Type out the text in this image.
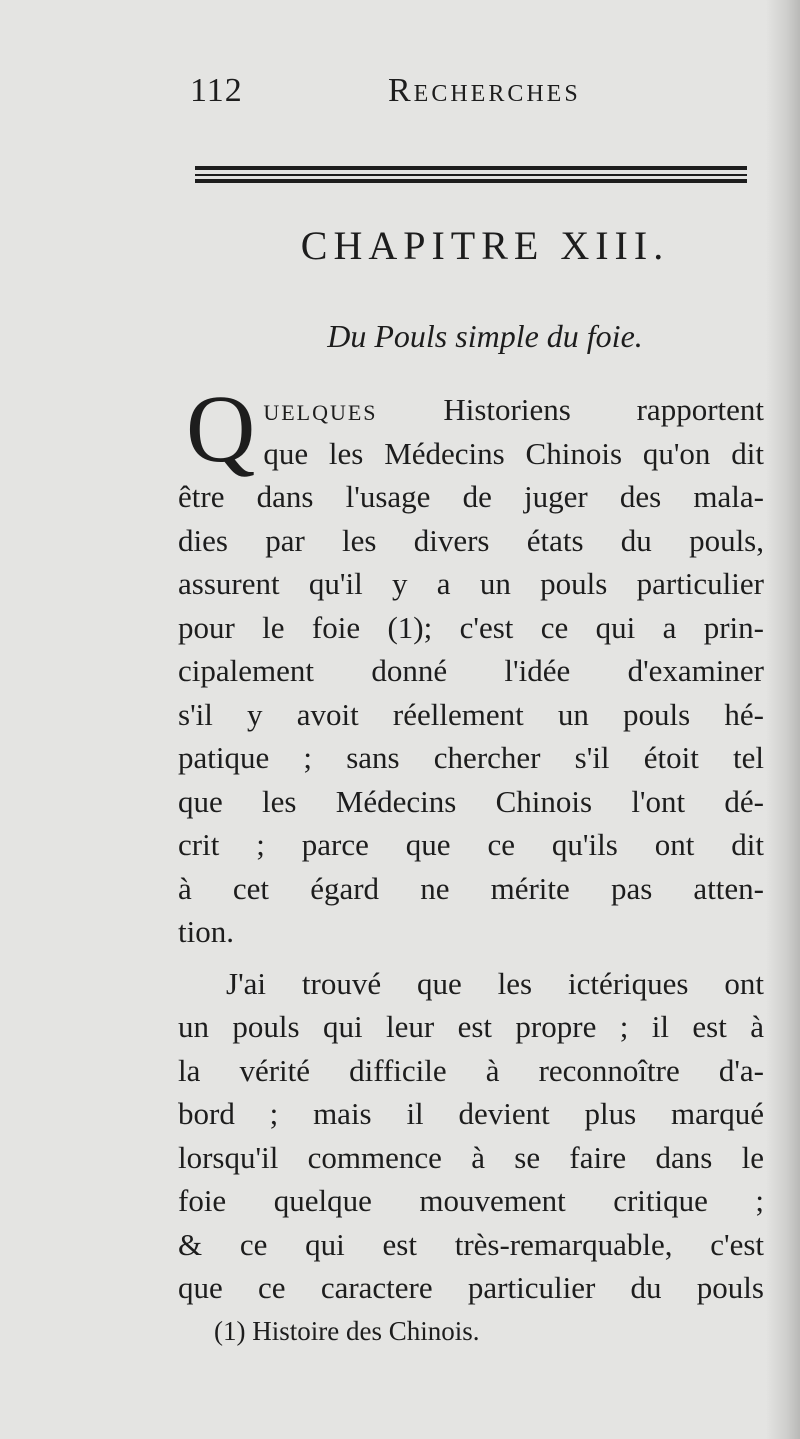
112	Recherches
CHAPITRE XIII.
Du Pouls simple du foie.
Q uelques Historiens rapportent
que les Médecins Chinois qu'on dit
être dans l'usage de juger des mala-
dies par les divers états du pouls,
assurent qu'il y a un pouls particulier
pour le foie (1); c'est ce qui a prin-
cipalement donné l'idée d'examiner
s'il y avoit réellement un pouls hé-
patique ; sans chercher s'il étoit tel
que les Médecins Chinois l'ont dé-
crit ; parce que ce qu'ils ont dit
à cet égard ne mérite pas atten-
tion.
J'ai trouvé que les ictériques ont
un pouls qui leur est propre ; il est à
la vérité difficile à reconnoître d'a-
bord ; mais il devient plus marqué
lorsqu'il commence à se faire dans le
foie quelque mouvement critique ;
& ce qui est très-remarquable, c'est
que ce caractere particulier du pouls
(1) Histoire des Chinois.
